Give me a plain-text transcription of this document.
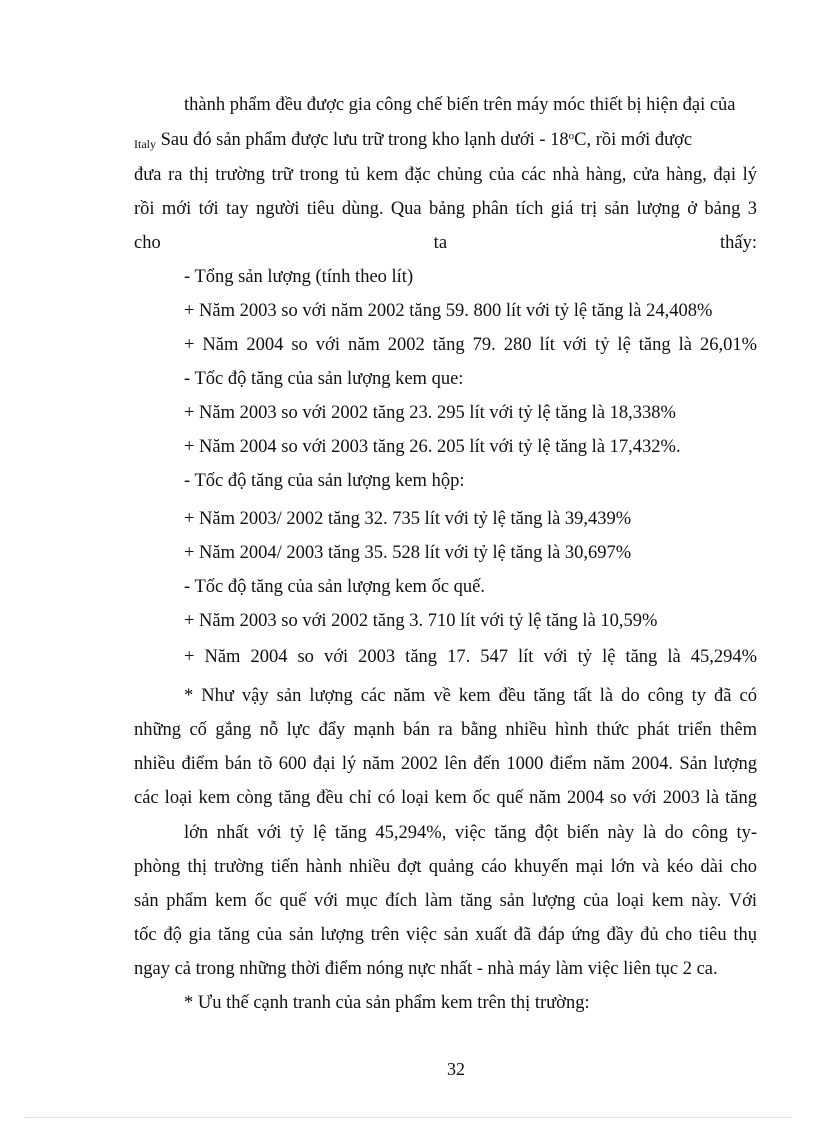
thành phẩm đều được gia công chế biến trên máy móc thiết bị hiện đại của
Italy Sau đó sản phẩm được lưu trữ trong kho lạnh dưới - 18$^o$C, rồi mới được
đưa ra thị trường trữ trong tủ kem đặc chủng của các nhà hàng, cửa hàng, đại lý
rồi mới tới tay người tiêu dùng. Qua bảng phân tích giá trị sản lượng ở bảng 3
cho ta thấy:
- Tổng sản lượng (tính theo lít)
+ Năm 2003 so với năm 2002 tăng 59. 800 lít với tỷ lệ tăng là 24,408%
+ Năm 2004 so với năm 2002 tăng 79. 280 lít với tỷ lệ tăng là 26,01%
- Tốc độ tăng của sản lượng kem que:
+ Năm 2003 so với 2002 tăng 23. 295 lít với tỷ lệ tăng là 18,338%
+ Năm 2004 so với 2003 tăng 26. 205 lít với tỷ lệ tăng là 17,432%.
- Tốc độ tăng của sản lượng kem hộp:
+ Năm 2003/ 2002 tăng 32. 735 lít với tỷ lệ tăng là 39,439%
+ Năm 2004/ 2003 tăng 35. 528 lít với tỷ lệ tăng là 30,697%
- Tốc độ tăng của sản lượng kem ốc quế.
+ Năm 2003 so với 2002 tăng 3. 710 lít với tỷ lệ tăng là 10,59%
+ Năm 2004 so với 2003 tăng 17. 547 lít với tỷ lệ tăng là 45,294%
* Như vậy sản lượng các năm về kem đều tăng tất là do công ty đã có
những cố gắng nỗ lực đẩy mạnh bán ra bằng nhiều hình thức phát triển thêm
nhiều điểm bán tõ 600 đại lý năm 2002 lên đến 1000 điểm năm 2004. Sản lượng
các loại kem còng tăng đều chỉ có loại kem ốc quế năm 2004 so với 2003 là tăng
lớn nhất với tỷ lệ tăng 45,294%, việc tăng đột biến này là do công ty-
phòng thị trường tiến hành nhiều đợt quảng cáo khuyến mại lớn và kéo dài cho
sản phẩm kem ốc quế với mục đích làm tăng sản lượng của loại kem này. Với
tốc độ gia tăng của sản lượng trên việc sản xuất đã đáp ứng đầy đủ cho tiêu thụ
ngay cả trong những thời điểm nóng nực nhất - nhà máy làm việc liên tục 2 ca.
* Ưu thế cạnh tranh của sản phẩm kem trên thị trường:
32
